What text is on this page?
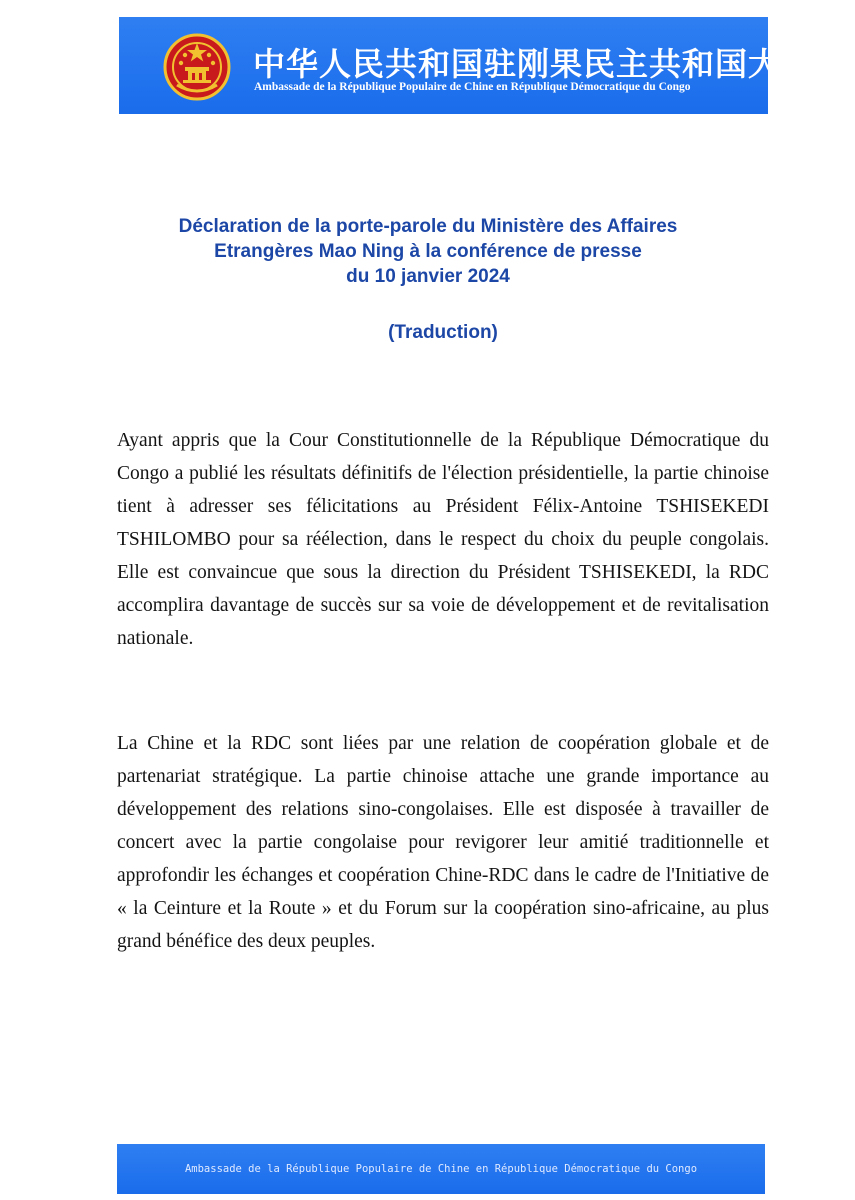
中华人民共和国驻刚果民主共和国大使馆
Ambassade de la République Populaire de Chine en République Démocratique du Congo
Déclaration de la porte-parole du Ministère des Affaires
Etrangères Mao Ning à la conférence de presse
du 10 janvier 2024
(Traduction)

Ayant appris que la Cour Constitutionnelle de la République Démocratique du Congo a publié les résultats définitifs de l'élection présidentielle, la partie chinoise tient à adresser ses félicitations au Président Félix-Antoine TSHISEKEDI TSHILOMBO pour sa réélection, dans le respect du choix du peuple congolais. Elle est convaincue que sous la direction du Président TSHISEKEDI, la RDC accomplira davantage de succès sur sa voie de développement et de revitalisation nationale.

La Chine et la RDC sont liées par une relation de coopération globale et de partenariat stratégique. La partie chinoise attache une grande importance au développement des relations sino-congolaises. Elle est disposée à travailler de concert avec la partie congolaise pour revigorer leur amitié traditionnelle et approfondir les échanges et coopération Chine-RDC dans le cadre de l'Initiative de « la Ceinture et la Route » et du Forum sur la coopération sino-africaine, au plus grand bénéfice des deux peuples.

Ambassade de la République Populaire de Chine en République Démocratique du Congo
